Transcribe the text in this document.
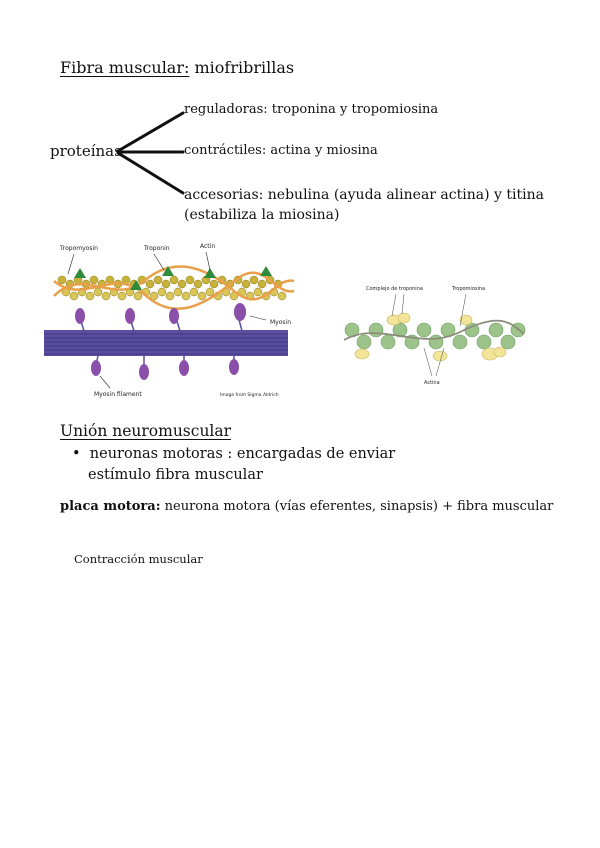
Fibra muscular: miofribrillas
proteínas
reguladoras: troponina y tropomiosina
contráctiles: actina y miosina
accesorias: nebulina (ayuda alinear actina) y titina
(estabiliza la miosina)
Tropomyosin	Troponin	Actin
Myosin
Myosin filament	Image from Sigma Aldrich
Complejo de troponina	Tropomiosina
Actina
Unión neuromuscular
•  neuronas motoras : encargadas de enviar
estímulo fibra muscular
placa motora: neurona motora (vías eferentes, sinapsis) + fibra muscular
Contracción muscular
